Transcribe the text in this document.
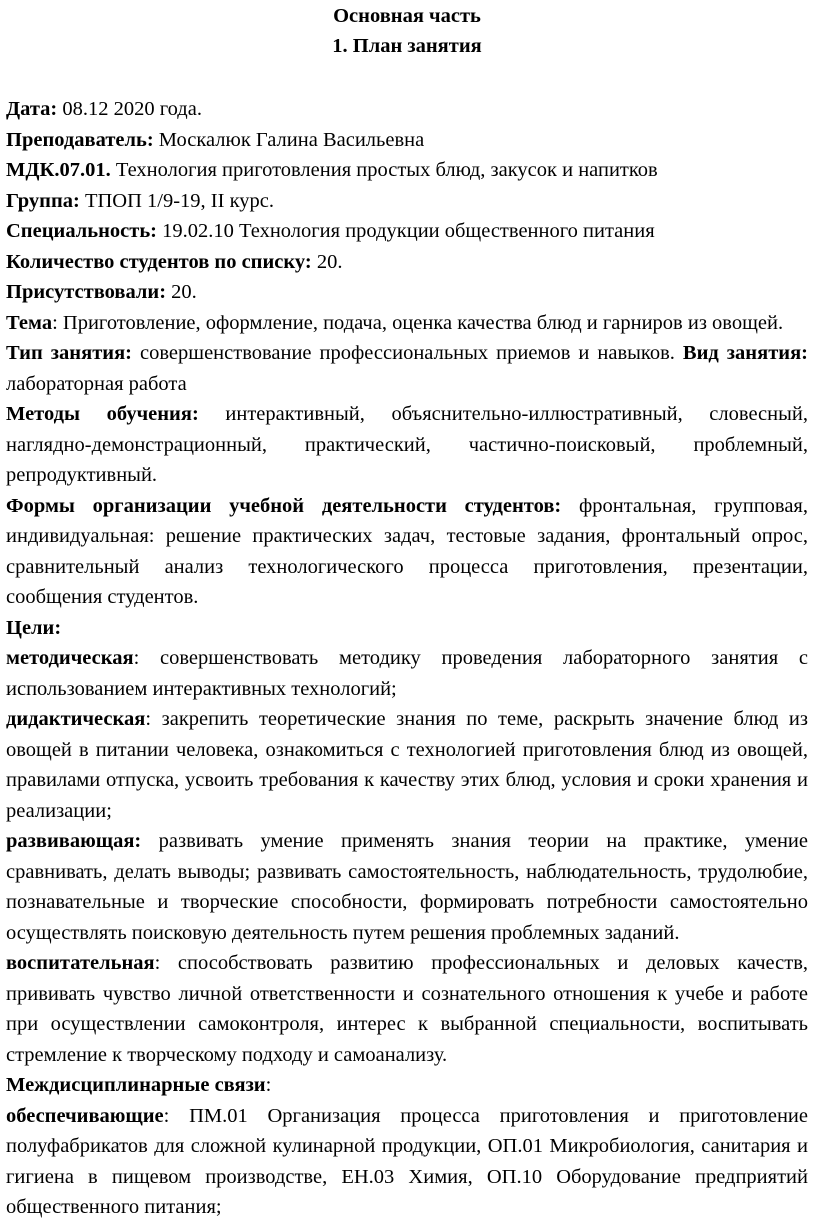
Основная часть
1. План занятия

Дата: 08.12 2020 года.

Преподаватель: Москалюк Галина Васильевна

МДК.07.01. Технология приготовления простых блюд, закусок и напитков

Группа: ТПОП 1/9-19, II курс.

Специальность: 19.02.10 Технология продукции общественного питания

Количество студентов по списку: 20.

Присутствовали: 20.

Тема: Приготовление, оформление, подача, оценка качества блюд и гарниров из овощей.

Тип занятия: совершенствование профессиональных приемов и навыков. Вид занятия: лабораторная работа

Методы обучения: интерактивный, объяснительно-иллюстративный, словесный, наглядно-демонстрационный, практический, частично-поисковый, проблемный, репродуктивный.

Формы организации учебной деятельности студентов: фронтальная, групповая, индивидуальная: решение практических задач, тестовые задания, фронтальный опрос, сравнительный анализ технологического процесса приготовления, презентации, сообщения студентов.

Цели:

методическая: совершенствовать методику проведения лабораторного занятия с использованием интерактивных технологий;

дидактическая: закрепить теоретические знания по теме, раскрыть значение блюд из овощей в питании человека, ознакомиться с технологией приготовления блюд из овощей, правилами отпуска, усвоить требования к качеству этих блюд, условия и сроки хранения и реализации;

развивающая: развивать умение применять знания теории на практике, умение сравнивать, делать выводы; развивать самостоятельность, наблюдательность, трудолюбие, познавательные и творческие способности, формировать потребности самостоятельно осуществлять поисковую деятельность путем решения проблемных заданий.

воспитательная: способствовать развитию профессиональных и деловых качеств, прививать чувство личной ответственности и сознательного отношения к учебе и работе при осуществлении самоконтроля, интерес к выбранной специальности, воспитывать стремление к творческому подходу и самоанализу.

Междисциплинарные связи:

обеспечивающие: ПМ.01 Организация процесса приготовления и приготовление полуфабрикатов для сложной кулинарной продукции, ОП.01 Микробиология, санитария и гигиена в пищевом производстве, ЕН.03 Химия, ОП.10 Оборудование предприятий общественного питания;
